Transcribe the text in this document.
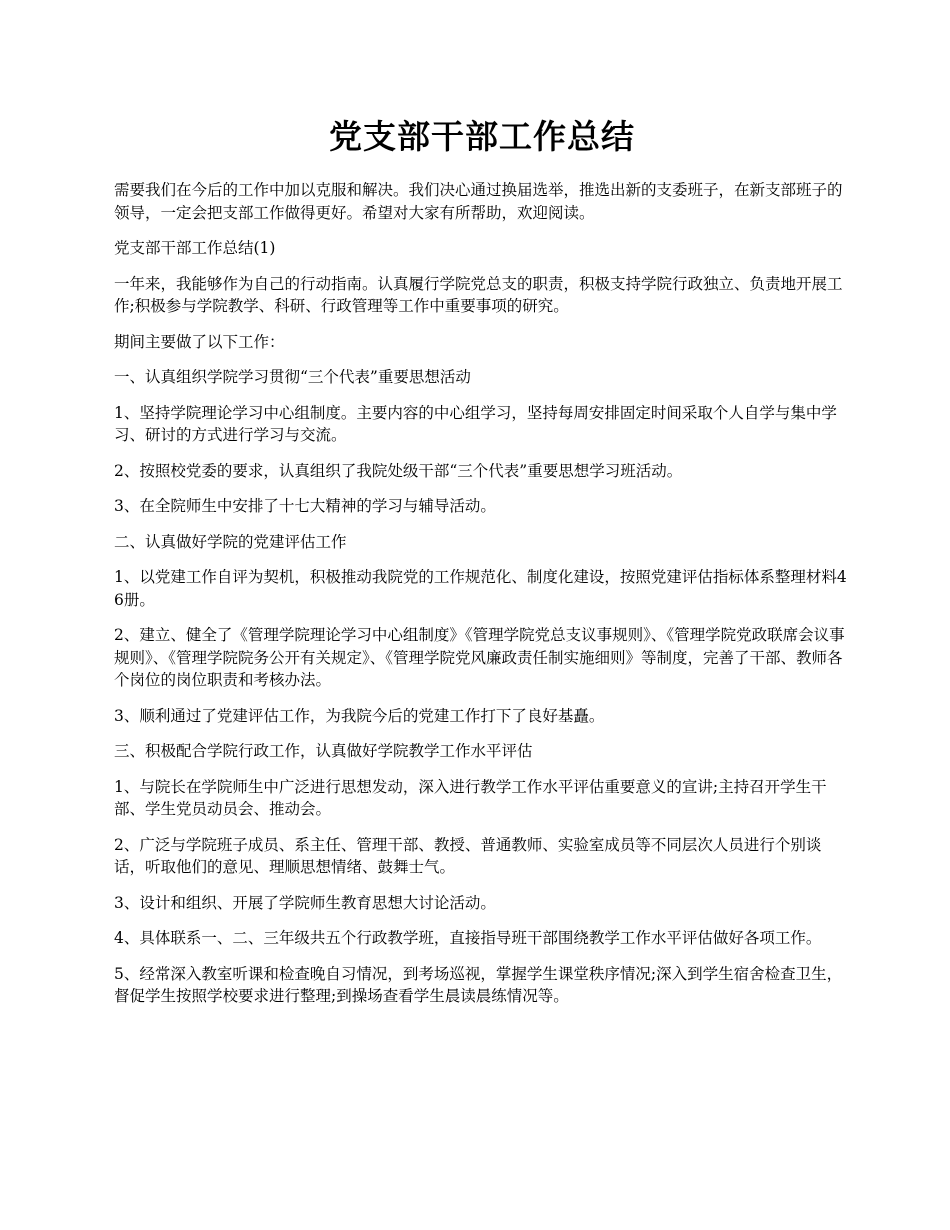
党支部干部工作总结

需要我们在今后的工作中加以克服和解决。我们决心通过换届选举，推选出新的支委班子，在新支部班子的领导，一定会把支部工作做得更好。希望对大家有所帮助，欢迎阅读。

党支部干部工作总结(1)

一年来，我能够作为自己的行动指南。认真履行学院党总支的职责，积极支持学院行政独立、负责地开展工作;积极参与学院教学、科研、行政管理等工作中重要事项的研究。

期间主要做了以下工作：

一、认真组织学院学习贯彻“三个代表”重要思想活动

1、坚持学院理论学习中心组制度。主要内容的中心组学习，坚持每周安排固定时间采取个人自学与集中学习、研讨的方式进行学习与交流。

2、按照校党委的要求，认真组织了我院处级干部“三个代表”重要思想学习班活动。

3、在全院师生中安排了十七大精神的学习与辅导活动。

二、认真做好学院的党建评估工作

1、以党建工作自评为契机，积极推动我院党的工作规范化、制度化建设，按照党建评估指标体系整理材料46册。

2、建立、健全了《管理学院理论学习中心组制度》《管理学院党总支议事规则》、《管理学院党政联席会议事规则》、《管理学院院务公开有关规定》、《管理学院党风廉政责任制实施细则》等制度，完善了干部、教师各个岗位的岗位职责和考核办法。

3、顺利通过了党建评估工作，为我院今后的党建工作打下了良好基矗。

三、积极配合学院行政工作，认真做好学院教学工作水平评估

1、与院长在学院师生中广泛进行思想发动，深入进行教学工作水平评估重要意义的宣讲;主持召开学生干部、学生党员动员会、推动会。

2、广泛与学院班子成员、系主任、管理干部、教授、普通教师、实验室成员等不同层次人员进行个别谈话，听取他们的意见、理顺思想情绪、鼓舞士气。

3、设计和组织、开展了学院师生教育思想大讨论活动。

4、具体联系一、二、三年级共五个行政教学班，直接指导班干部围绕教学工作水平评估做好各项工作。

5、经常深入教室听课和检查晚自习情况，到考场巡视，掌握学生课堂秩序情况;深入到学生宿舍检查卫生，督促学生按照学校要求进行整理;到操场查看学生晨读晨练情况等。
